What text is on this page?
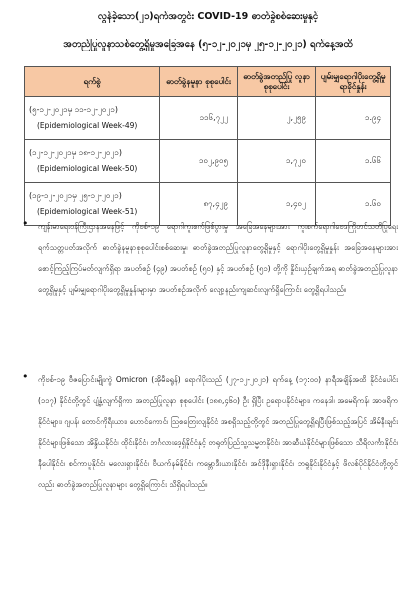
လွန်ခဲ့သော(၂၁)ရက်အတွင်း COVID-19 ဓာတ်ခွဲစစ်ဆေးမှုနှင့်
အတည်ပြုလူနာသစ်တွေ့ရှိမှုအခြေအနေ (၅-၁၂-၂၀၂၁မှ ၂၅-၁၂-၂၀၂၁) ရက်နေ့အထိ
ရက်စွဲ	ဓာတ်ခွဲနမူနာ စုစုပေါင်း	ဓာတ်ခွဲအတည်ပြု လူနာစုစုပေါင်း	ပျမ်းမျှရောဂါပိုးတွေ့ရှိမှု ရာခိုင်နှုန်း

(၅-၁၂-၂၀၂၁မှ ၁၁-၁၂-၂၀၂၁)
(Epidemiological Week-49)	၁၁၆,၇၂၂	၂,၂၅၉	၁.၉၄

(၁၂-၁၂-၂၀၂၁မှ ၁၈-၁၂-၂၀၂၁)
(Epidemiological Week-50)	၁၀၂,၉၀၅	၁,၇၂၀	၁.၆၆

(၁၉-၁၂-၂၀၂၁မှ ၂၅-၁၂-၂၀၂၁)
(Epidemiological Week-51)	၈၇,၄၂၉	၁,၄၀၂	၁.၆၀
• ကျန်းမာရေးဝန်ကြီးဌာနအနေဖြင့် ကိုဗစ်-၁၉ ရောဂါကူးစက်ဖြစ်ပွားမှု အခြေအနေများအား ကူးစက်ရောဂါဗေဒကြိုတင်သတိပြုရေး ရက်သတ္တပတ်အလိုက် ဓာတ်ခွဲနမူနာစုစုပေါင်းစစ်ဆေးမှု၊ ဓာတ်ခွဲအတည်ပြုလူနာတွေ့ရှိမှုနှင့် ရောဂါပိုးတွေ့ရှိမှုနှုန်း အခြေအနေများအား စောင့်ကြည့်ကြပ်မတ်လျက်ရှိရာ အပတ်စဉ် (၄၉) အပတ်စဉ် (၅၀) နှင့် အပတ်စဉ် (၅၁) တို့ကို နှိုင်းယှဉ်ချက်အရ ဓာတ်ခွဲအတည်ပြုလူနာတွေ့ရှိမှုနှင့် ပျမ်းမျှရောဂါပိုးတွေ့ရှိမှုနှုန်းများမှာ အပတ်စဉ်အလိုက် လျော့နည်းကျဆင်းလျက်ရှိကြောင်း တွေ့ရှိရပါသည်။
• ကိုဗစ်-၁၉ ဗီဇပြောင်းမျိုးကွဲ Omicron (အိုမီခရွန်) ရောဂါပိုးသည် (၂၇-၁၂-၂၀၂၁) ရက်နေ့ (၁၇:၀၀) နာရီအချိန်အထိ နိုင်ငံပေါင်း (၁၁၇) နိုင်ငံတို့တွင် ပျံ့နှံ့လျက်ရှိကာ အတည်ပြုလူနာ စုစုပေါင်း (၁၈၈,၄၆၀) ဦး ရှိပြီး ဥရောပနိုင်ငံများ၊ ကနေဒါ၊ အမေရိကန်၊ အာဖရိကနိုင်ငံများ၊ ဂျပန်၊ တောင်ကိုရီးယား၊ ဟောင်ကောင်၊ သြစတြေးလျနိုင်ငံ အစရှိသည့်တို့တွင် အတည်ပြုတွေ့ရှိရပြီးဖြစ်သည့်အပြင် အိမ်နီးချင်းနိုင်ငံများဖြစ်သော အိန္ဒိယနိုင်ငံ၊ ထိုင်းနိုင်ငံ၊ ဘင်္ဂလားဒေ့ရှ်နိုင်ငံနှင့် တရုတ်ပြည်သူ့သမ္မတနိုင်ငံ၊ အာဆီယံနိုင်ငံများဖြစ်သော သီရိလင်္ကာနိုင်ငံ၊ နီပေါနိုင်ငံ၊ စင်ကာပူနိုင်ငံ၊ မလေးရှားနိုင်ငံ၊ ဗီယက်နမ်နိုင်ငံ၊ ကမ္ဘောဒီးယားနိုင်ငံ၊ အင်ဒိုနီးရှားနိုင်ငံ၊ ဘရူနိုင်းနိုင်ငံနှင့် ဖိလစ်ပိုင်နိုင်ငံတို့တွင်လည်း ဓာတ်ခွဲအတည်ပြုလူနာများ တွေ့ရှိကြောင်း သိရှိရပါသည်။
